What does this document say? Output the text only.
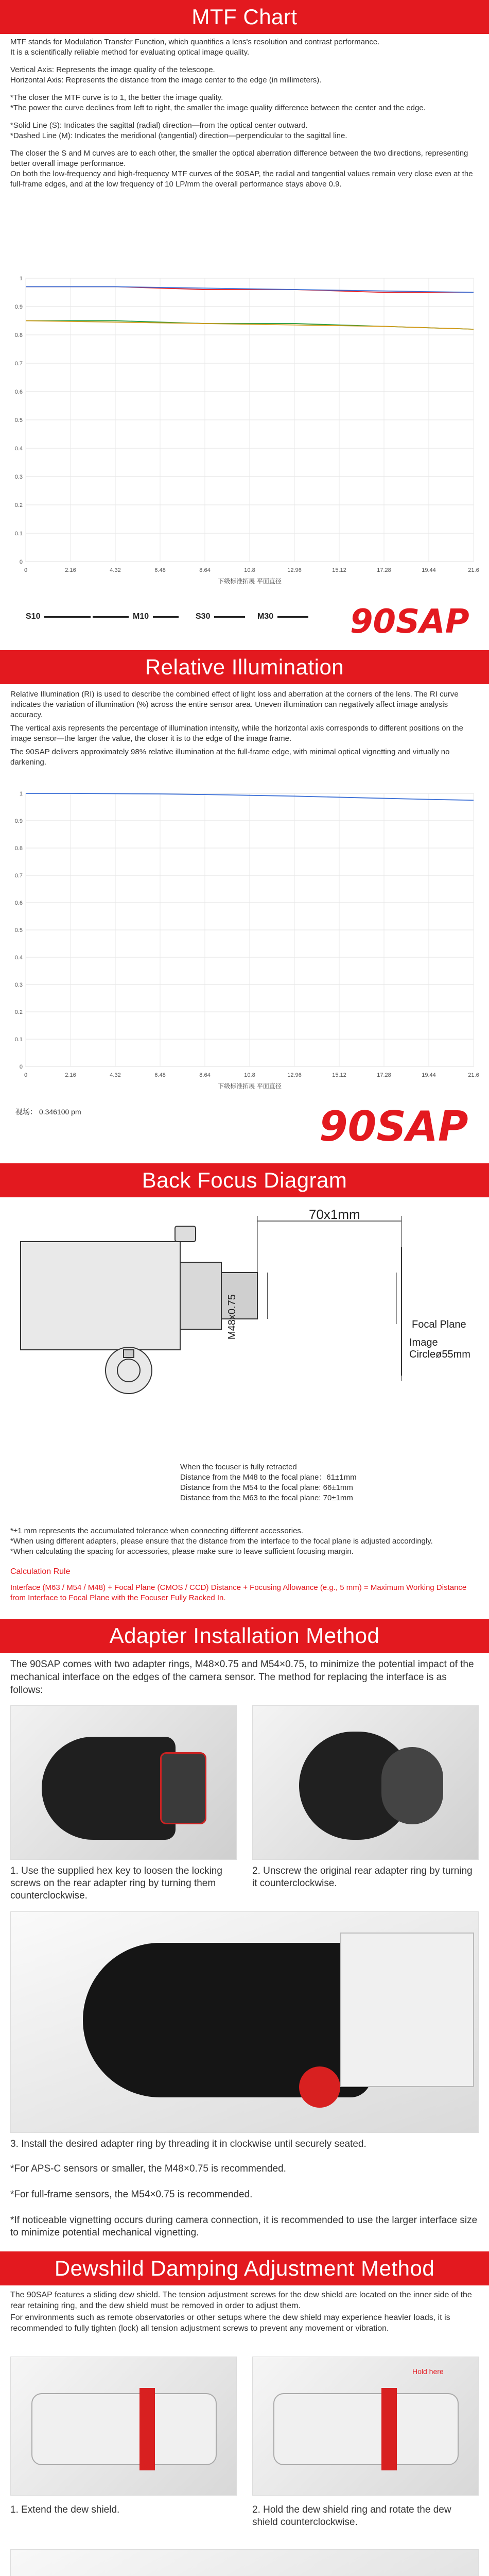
MTF Chart

MTF stands for Modulation Transfer Function, which quantifies a lens's resolution and contrast performance.
It is a scientifically reliable method for evaluating optical image quality.

Vertical Axis: Represents the image quality of the telescope.
Horizontal Axis: Represents the distance from the image center to the edge (in millimeters).

*The closer the MTF curve is to 1, the better the image quality.
*The power the curve declines from left to right, the smaller the image quality difference between the center and the edge.

*Solid Line (S): Indicates the sagittal (radial) direction—from the optical center outward.
*Dashed Line (M): Indicates the meridional (tangential) direction—perpendicular to the sagittal line.

The closer the S and M curves are to each other, the smaller the optical aberration difference between the two directions, representing better overall image performance.
On both the low-frequency and high-frequency MTF curves of the 90SAP, the radial and tangential values remain very close even at the full-frame edges, and at the low frequency of 10 LP/mm the overall performance stays above 0.9.

0
0.1
0.2
0.3
0.4
0.5
0.6
0.7
0.8
0.9
1
0	2.16	4.32	6.48	8.64	10.8	12.96	15.12	17.28	19.44	21.6
下级标准拓展 平面直径
S10	M10	S30	M30 90SAP
Relative Illumination

Relative Illumination (RI) is used to describe the combined effect of light loss and aberration at the corners of the lens. The RI curve indicates the variation of illumination (%) across the entire sensor area. Uneven illumination can negatively affect image analysis accuracy.

The vertical axis represents the percentage of illumination intensity, while the horizontal axis corresponds to different positions on the image sensor—the larger the value, the closer it is to the edge of the image frame.

The 90SAP delivers approximately 98% relative illumination at the full-frame edge, with minimal optical vignetting and virtually no darkening.

0
0.1
0.2
0.3
0.4
0.5
0.6
0.7
0.8
0.9
1
0	2.16	4.32	6.48	8.64	10.8	12.96	15.12	17.28	19.44	21.6
下级标准拓展 平面直径
视场： 0.346100 pm	90SAP
Back Focus Diagram
70x1mm
M48x0.75	Focal Plane
Image Circleø55mm
When the focuser is fully retracted
Distance from the M48 to the focal plane：61±1mm
Distance from the M54 to the focal plane: 66±1mm
Distance from the M63 to the focal plane: 70±1mm
*±1 mm represents the accumulated tolerance when connecting different accessories.
*When using different adapters, please ensure that the distance from the interface to the focal plane is adjusted accordingly.
*When calculating the spacing for accessories, please make sure to leave sufficient focusing margin.
Calculation Rule
Interface (M63 / M54 / M48) + Focal Plane (CMOS / CCD) Distance + Focusing Allowance (e.g., 5 mm) = Maximum Working Distance from Interface to Focal Plane with the Focuser Fully Racked In.
Adapter Installation Method
The 90SAP comes with two adapter rings, M48×0.75 and M54×0.75, to minimize the potential impact of the mechanical interface on the edges of the camera sensor. The method for replacing the interface is as follows:
1. Use the supplied hex key to loosen the locking screws on the rear adapter ring by turning them counterclockwise.
2. Unscrew the original rear adapter ring by turning it counterclockwise.
3. Install the desired adapter ring by threading it in clockwise until securely seated.
*For APS-C sensors or smaller, the M48×0.75 is recommended.
*For full-frame sensors, the M54×0.75 is recommended.
*If noticeable vignetting occurs during camera connection, it is recommended to use the larger interface size to minimize potential mechanical vignetting.
Dewshild Damping Adjustment Method

The 90SAP features a sliding dew shield. The tension adjustment screws for the dew shield are located on the inner side of the rear retaining ring, and the dew shield must be removed in order to adjust them.

For environments such as remote observatories or other setups where the dew shield may experience heavier loads, it is recommended to fully tighten (lock) all tension adjustment screws to prevent any movement or vibration.

Hold here
1. Extend the dew shield.	2. Hold the dew shield ring and rotate the dew shield counterclockwise.
